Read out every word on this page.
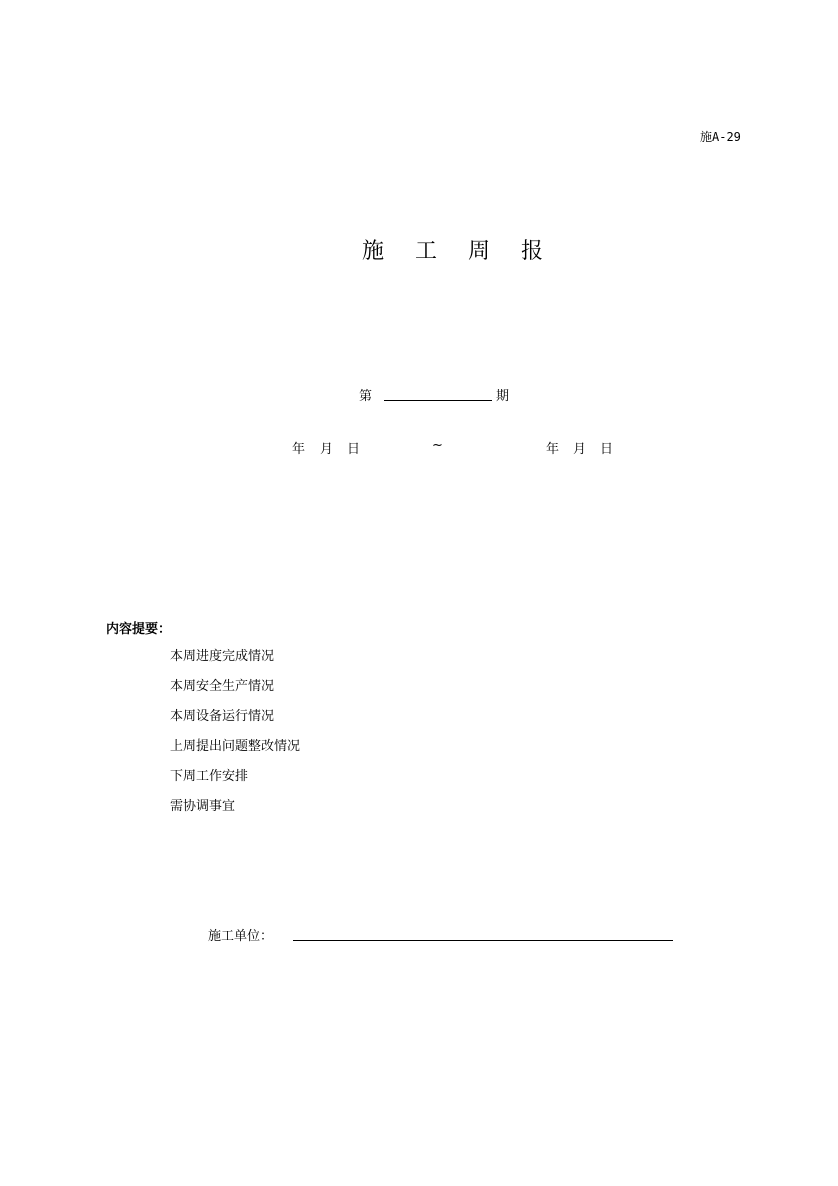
施A-29
施 工 周 报
第	期
年 月 日	~	年 月 日
内容提要：
本周进度完成情况
本周安全生产情况
本周设备运行情况
上周提出问题整改情况
下周工作安排
需协调事宜
施工单位：
